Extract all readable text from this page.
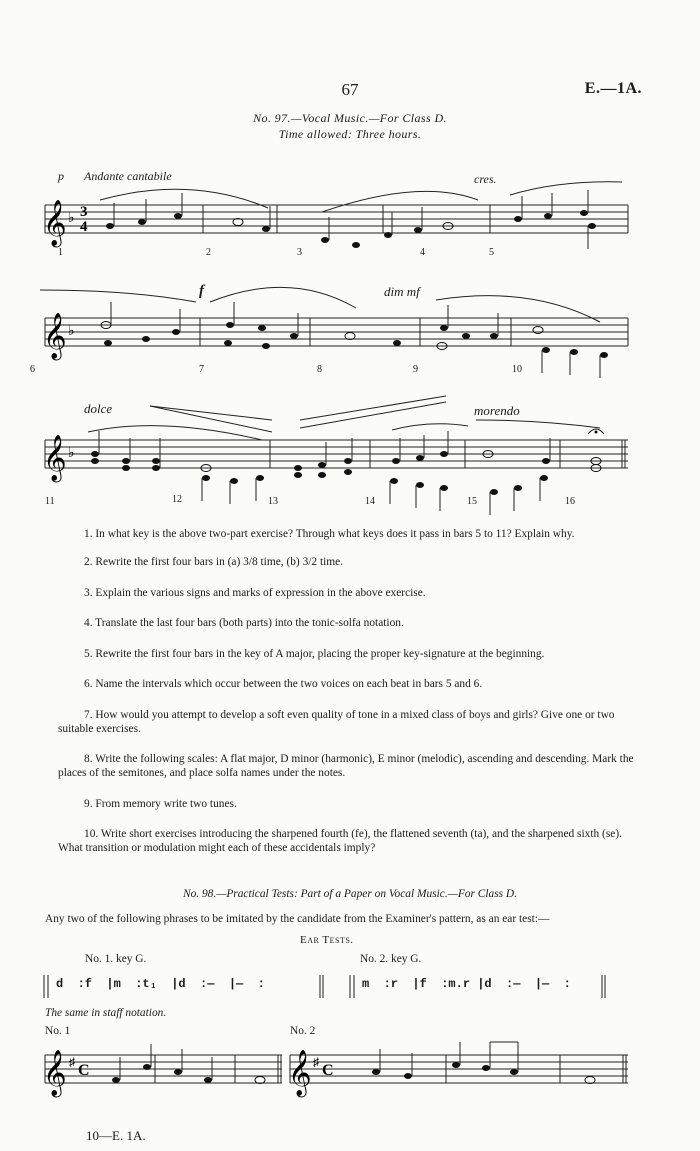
67	E.—1A.
No. 97.—Vocal Music.—For Class D.
Time allowed: Three hours.
p Andante cantabile	cres.
𝄞 ♭ 3
4
1	2	3	4	5
f	dim mf
𝄞 ♭
6	7	8	9	10
dolce	morendo
𝄞 ♭
11	12	13	14	15	16

1. In what key is the above two-part exercise? Through what keys does it pass in bars 5 to 11? Explain why.

2. Rewrite the first four bars in (a) 3/8 time, (b) 3/2 time.

3. Explain the various signs and marks of expression in the above exercise.

4. Translate the last four bars (both parts) into the tonic-solfa notation.

5. Rewrite the first four bars in the key of A major, placing the proper key-signature at the beginning.

6. Name the intervals which occur between the two voices on each beat in bars 5 and 6.

7. How would you attempt to develop a soft even quality of tone in a mixed class of boys and girls? Give one or two suitable exercises.

8. Write the following scales: A flat major, D minor (harmonic), E minor (melodic), ascending and descending. Mark the places of the semitones, and place solfa names under the notes.

9. From memory write two tunes.

10. Write short exercises introducing the sharpened fourth (fe), the flattened seventh (ta), and the sharpened sixth (se). What transition or modulation might each of these accidentals imply?

No. 98.—Practical Tests: Part of a Paper on Vocal Music.—For Class D.
Any two of the following phrases to be imitated by the candidate from the Examiner's pattern, as an ear test:—
Ear Tests.
No. 1. key G.	No. 2. key G.
d  :f  |m  :t₁  |d  :—  |—  :	m  :r  |f  :m.r |d  :—  |—  :
The same in staff notation.
No. 1	No. 2
𝄞 ♯ C	𝄞 ♯ C
10—E. 1A.
